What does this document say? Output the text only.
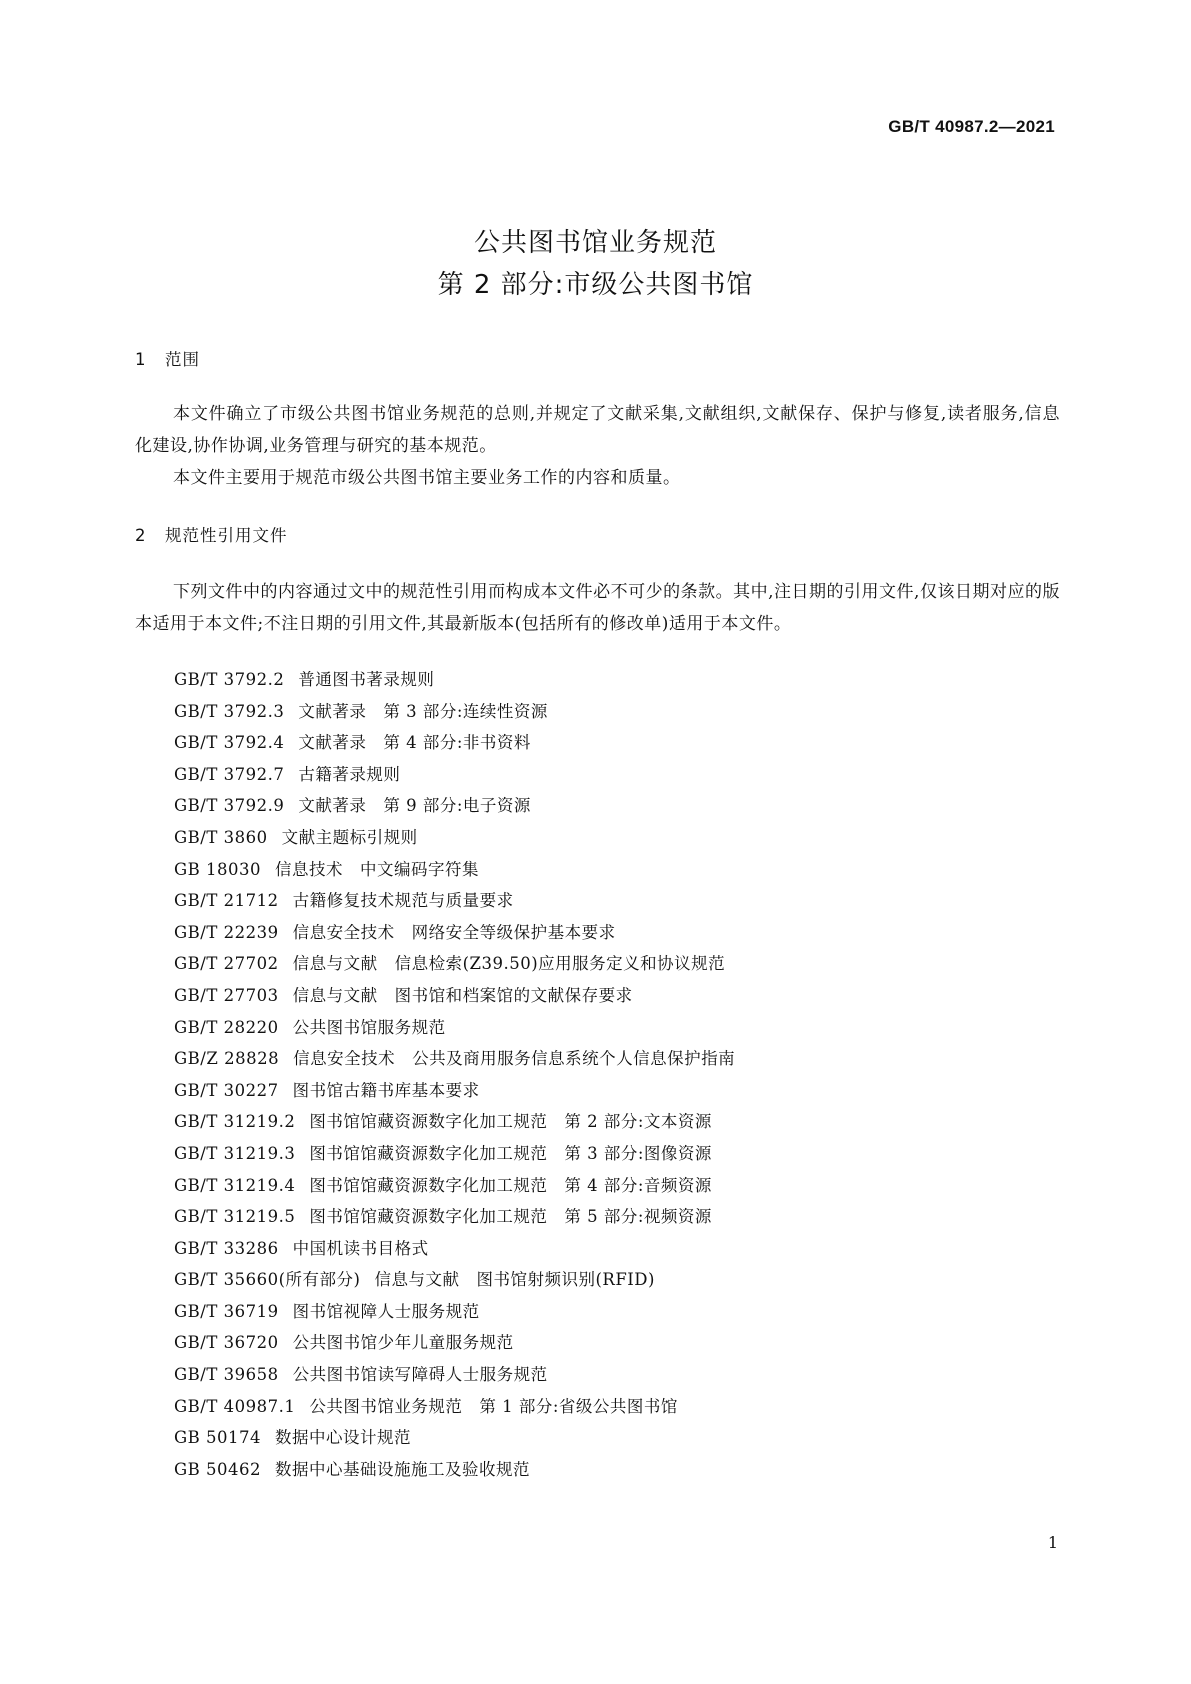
GB/T 40987.2—2021
公共图书馆业务规范
第 2 部分:市级公共图书馆
1 范围

本文件确立了市级公共图书馆业务规范的总则,并规定了文献采集,文献组织,文献保存、保护与修复,读者服务,信息化建设,协作协调,业务管理与研究的基本规范。

本文件主要用于规范市级公共图书馆主要业务工作的内容和质量。

2 规范性引用文件

下列文件中的内容通过文中的规范性引用而构成本文件必不可少的条款。其中,注日期的引用文件,仅该日期对应的版本适用于本文件;不注日期的引用文件,其最新版本(包括所有的修改单)适用于本文件。

GB/T 3792.2 普通图书著录规则
GB/T 3792.3 文献著录　第 3 部分:连续性资源
GB/T 3792.4 文献著录　第 4 部分:非书资料
GB/T 3792.7 古籍著录规则
GB/T 3792.9 文献著录　第 9 部分:电子资源
GB/T 3860 文献主题标引规则
GB 18030 信息技术　中文编码字符集
GB/T 21712 古籍修复技术规范与质量要求
GB/T 22239 信息安全技术　网络安全等级保护基本要求
GB/T 27702 信息与文献　信息检索(Z39.50)应用服务定义和协议规范
GB/T 27703 信息与文献　图书馆和档案馆的文献保存要求
GB/T 28220 公共图书馆服务规范
GB/Z 28828 信息安全技术　公共及商用服务信息系统个人信息保护指南
GB/T 30227 图书馆古籍书库基本要求
GB/T 31219.2 图书馆馆藏资源数字化加工规范　第 2 部分:文本资源
GB/T 31219.3 图书馆馆藏资源数字化加工规范　第 3 部分:图像资源
GB/T 31219.4 图书馆馆藏资源数字化加工规范　第 4 部分:音频资源
GB/T 31219.5 图书馆馆藏资源数字化加工规范　第 5 部分:视频资源
GB/T 33286 中国机读书目格式
GB/T 35660(所有部分) 信息与文献　图书馆射频识别(RFID)
GB/T 36719 图书馆视障人士服务规范
GB/T 36720 公共图书馆少年儿童服务规范
GB/T 39658 公共图书馆读写障碍人士服务规范
GB/T 40987.1 公共图书馆业务规范　第 1 部分:省级公共图书馆
GB 50174 数据中心设计规范
GB 50462 数据中心基础设施施工及验收规范
1
